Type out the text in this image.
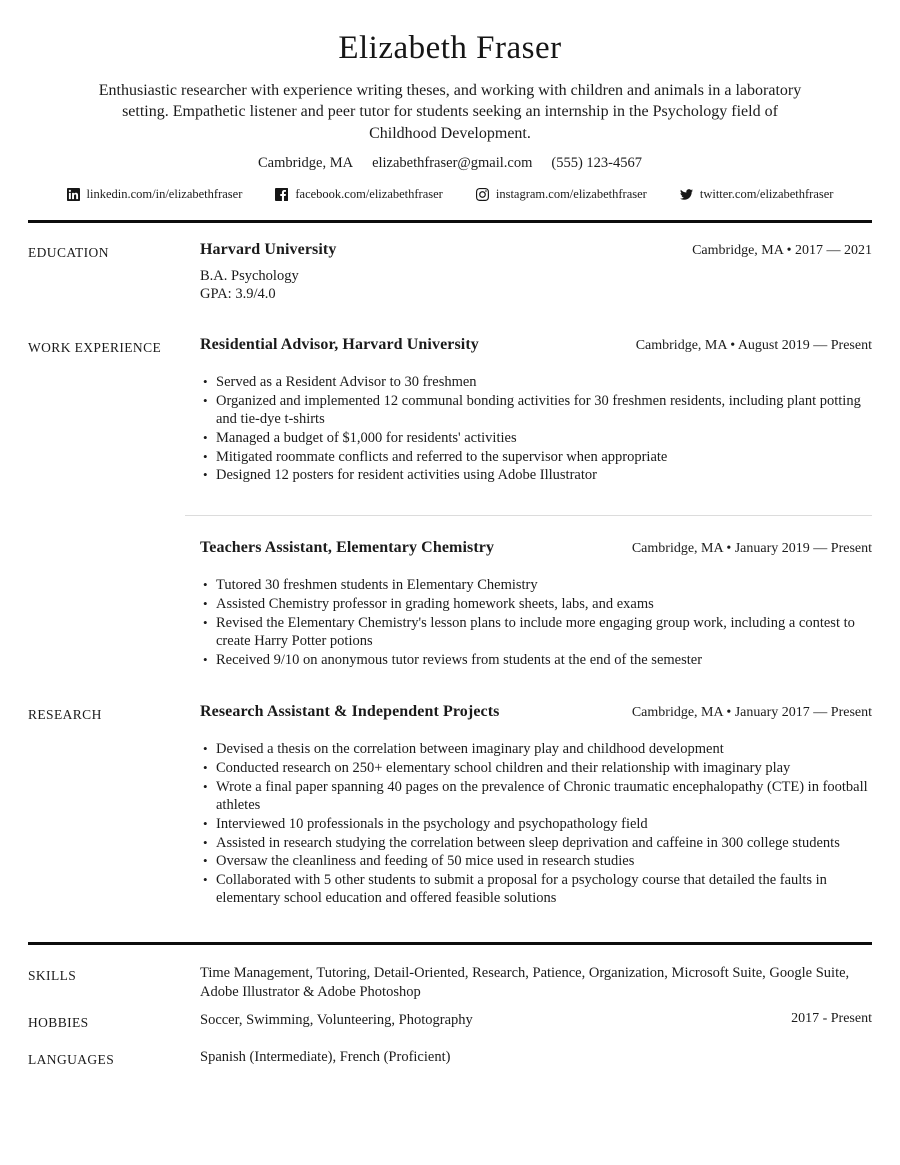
Elizabeth Fraser
Enthusiastic researcher with experience writing theses, and working with children and animals in a laboratory setting. Empathetic listener and peer tutor for students seeking an internship in the Psychology field of Childhood Development.
Cambridge, MA elizabethfraser@gmail.com (555) 123-4567
linkedin.com/in/elizabethfraser	facebook.com/elizabethfraser	instagram.com/elizabethfraser	twitter.com/elizabethfraser
EDUCATION	Harvard University	Cambridge, MA • 2017 — 2021
B.A. Psychology
GPA: 3.9/4.0
WORK EXPERIENCE	Residential Advisor, Harvard University	Cambridge, MA • August 2019 — Present
• Served as a Resident Advisor to 30 freshmen
• Organized and implemented 12 communal bonding activities for 30 freshmen residents, including plant potting and tie-dye t-shirts
• Managed a budget of $1,000 for residents' activities
• Mitigated roommate conflicts and referred to the supervisor when appropriate
• Designed 12 posters for resident activities using Adobe Illustrator
Teachers Assistant, Elementary Chemistry	Cambridge, MA • January 2019 — Present
• Tutored 30 freshmen students in Elementary Chemistry
• Assisted Chemistry professor in grading homework sheets, labs, and exams
• Revised the Elementary Chemistry's lesson plans to include more engaging group work, including a contest to create Harry Potter potions
• Received 9/10 on anonymous tutor reviews from students at the end of the semester
RESEARCH	Research Assistant & Independent Projects	Cambridge, MA • January 2017 — Present
• Devised a thesis on the correlation between imaginary play and childhood development
• Conducted research on 250+ elementary school children and their relationship with imaginary play
• Wrote a final paper spanning 40 pages on the prevalence of Chronic traumatic encephalopathy (CTE) in football athletes
• Interviewed 10 professionals in the psychology and psychopathology field
• Assisted in research studying the correlation between sleep deprivation and caffeine in 300 college students
• Oversaw the cleanliness and feeding of 50 mice used in research studies
• Collaborated with 5 other students to submit a proposal for a psychology course that detailed the faults in elementary school education and offered feasible solutions
SKILLS	Time Management, Tutoring, Detail-Oriented, Research, Patience, Organization, Microsoft Suite, Google Suite, Adobe Illustrator & Adobe Photoshop
HOBBIES	Soccer, Swimming, Volunteering, Photography	2017 - Present
LANGUAGES	Spanish (Intermediate), French (Proficient)
